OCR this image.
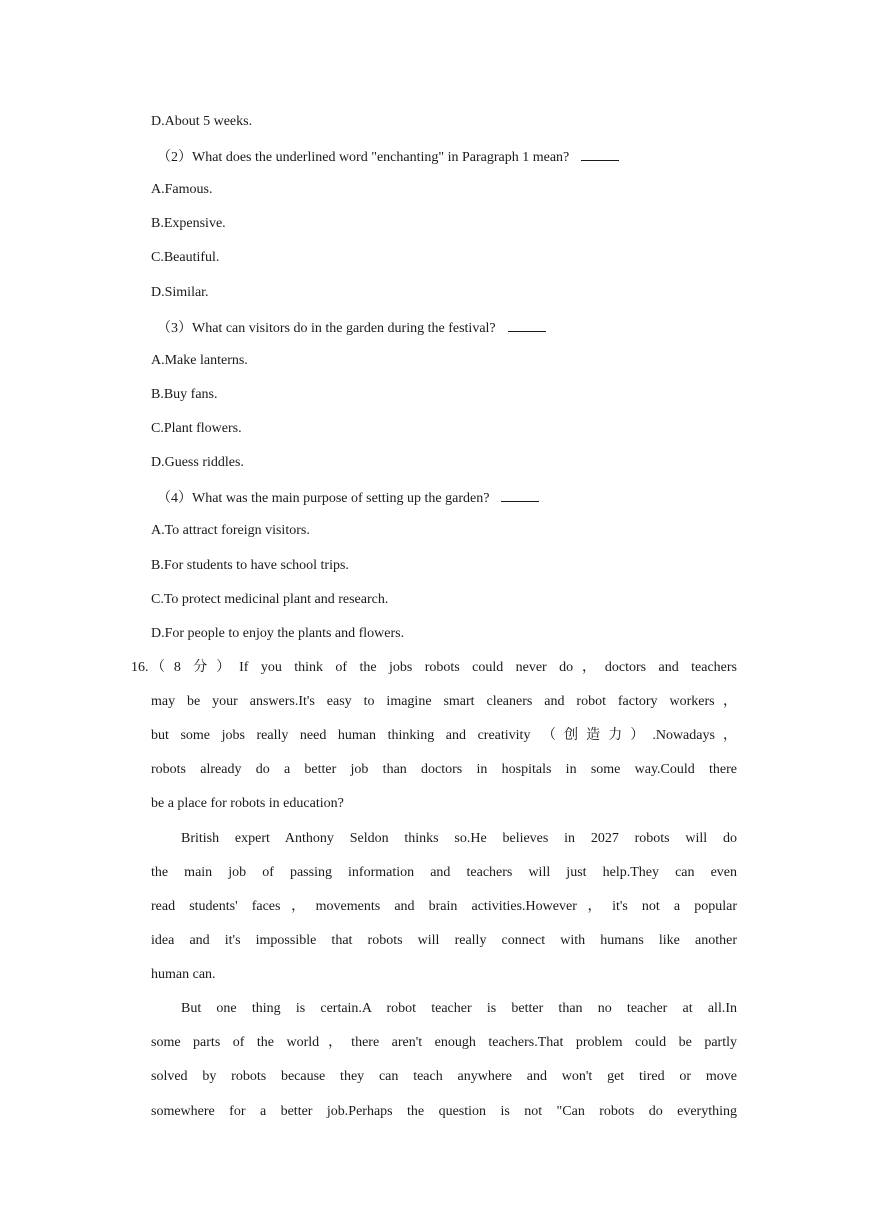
D.About 5 weeks.
（2）What does the underlined word "enchanting" in Paragraph 1 mean?
A.Famous.
B.Expensive.
C.Beautiful.
D.Similar.
（3）What can visitors do in the garden during the festival?
A.Make lanterns.
B.Buy fans.
C.Plant flowers.
D.Guess riddles.
（4）What was the main purpose of setting up the garden?
A.To attract foreign visitors.
B.For students to have school trips.
C.To protect medicinal plant and research.
D.For people to enjoy the plants and flowers.
16. （8 分）If you think of the jobs robots could never do，doctors and teachers
may be your answers.It's easy to imagine smart cleaners and robot factory workers，
but some jobs really need human thinking and creativity （创造力）.Nowadays，
robots already do a better job than doctors in hospitals in some way.Could there
be a place for robots in education?
British expert Anthony Seldon thinks so.He believes in 2027 robots will do
the main job of passing information and teachers will just help.They can even
read students' faces，movements and brain activities.However，it's not a popular
idea and it's impossible that robots will really connect with humans like another
human can.
But one thing is certain.A robot teacher is better than no teacher at all.In
some parts of the world，there aren't enough teachers.That problem could be partly
solved by robots because they can teach anywhere and won't get tired or move
somewhere for a better job.Perhaps the question is not "Can robots do everything
